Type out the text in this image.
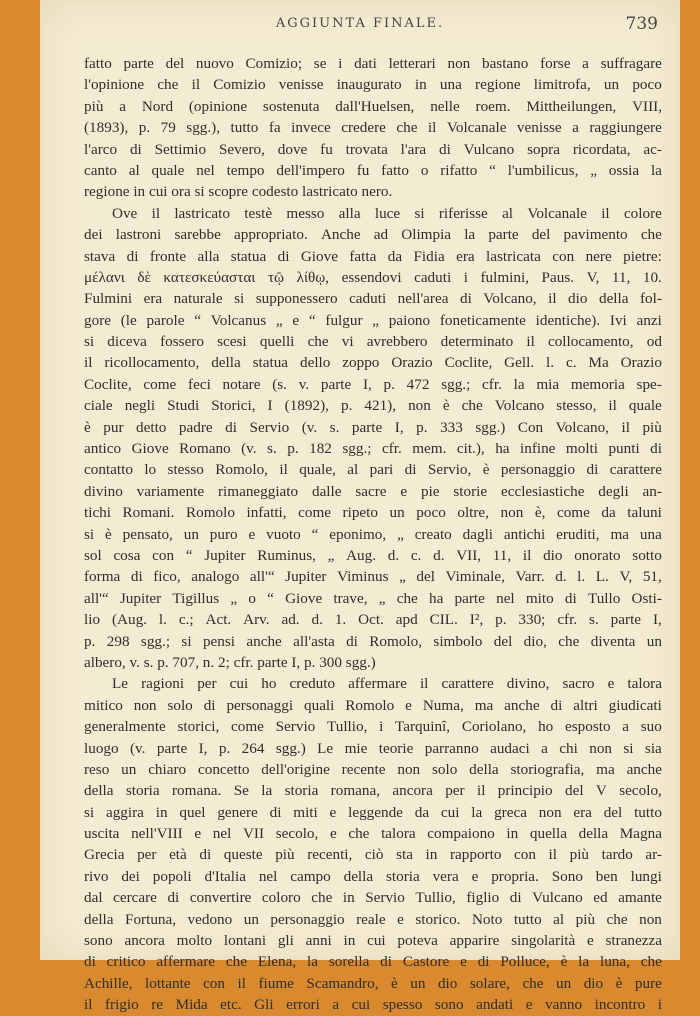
AGGIUNTA FINALE.	739
fatto parte del nuovo Comizio; se i dati letterari non bastano forse a suffragare
l'opinione che il Comizio venisse inaugurato in una regione limitrofa, un poco
più a Nord (opinione sostenuta dall'Huelsen, nelle roem. Mittheilungen, VIII,
(1893), p. 79 sgg.), tutto fa invece credere che il Volcanale venisse a raggiungere
l'arco di Settimio Severo, dove fu trovata l'ara di Vulcano sopra ricordata, ac-
canto al quale nel tempo dell'impero fu fatto o rifatto “ l'umbilicus, „ ossia la
regione in cui ora si scopre codesto lastricato nero.
Ove il lastricato testè messo alla luce si riferisse al Volcanale il colore
dei lastroni sarebbe appropriato. Anche ad Olimpia la parte del pavimento che
stava di fronte alla statua di Giove fatta da Fidia era lastricata con nere pietre:
μέλανι δὲ κατεσκεύασται τῷ λίθῳ, essendovi caduti i fulmini, Paus. V, 11, 10.
Fulmini era naturale si supponessero caduti nell'area di Volcano, il dio della fol-
gore (le parole “ Volcanus „ e “ fulgur „ paiono foneticamente identiche). Ivi anzi
si diceva fossero scesi quelli che vi avrebbero determinato il collocamento, od
il ricollocamento, della statua dello zoppo Orazio Coclite, Gell. l. c. Ma Orazio
Coclite, come feci notare (s. v. parte I, p. 472 sgg.; cfr. la mia memoria spe-
ciale negli Studi Storici, I (1892), p. 421), non è che Volcano stesso, il quale
è pur detto padre di Servio (v. s. parte I, p. 333 sgg.) Con Volcano, il più
antico Giove Romano (v. s. p. 182 sgg.; cfr. mem. cit.), ha infine molti punti di
contatto lo stesso Romolo, il quale, al pari di Servio, è personaggio di carattere
divino variamente rimaneggiato dalle sacre e pie storie ecclesiastiche degli an-
tichi Romani. Romolo infatti, come ripeto un poco oltre, non è, come da taluni
si è pensato, un puro e vuoto “ eponimo, „ creato dagli antichi eruditi, ma una
sol cosa con “ Jupiter Ruminus, „ Aug. d. c. d. VII, 11, il dio onorato sotto
forma di fico, analogo all'“ Jupiter Viminus „ del Viminale, Varr. d. l. L. V, 51,
all'“ Jupiter Tigillus „ o “ Giove trave, „ che ha parte nel mito di Tullo Osti-
lio (Aug. l. c.; Act. Arv. ad. d. 1. Oct. apd CIL. I², p. 330; cfr. s. parte I,
p. 298 sgg.; si pensi anche all'asta di Romolo, simbolo del dio, che diventa un
albero, v. s. p. 707, n. 2; cfr. parte I, p. 300 sgg.)
Le ragioni per cui ho creduto affermare il carattere divino, sacro e talora
mitico non solo di personaggi quali Romolo e Numa, ma anche di altri giudicati
generalmente storici, come Servio Tullio, i Tarquinî, Coriolano, ho esposto a suo
luogo (v. parte I, p. 264 sgg.) Le mie teorie parranno audaci a chi non si sia
reso un chiaro concetto dell'origine recente non solo della storiografia, ma anche
della storia romana. Se la storia romana, ancora per il principio del V secolo,
si aggira in quel genere di miti e leggende da cui la greca non era del tutto
uscita nell'VIII e nel VII secolo, e che talora compaiono in quella della Magna
Grecia per età di queste più recenti, ciò sta in rapporto con il più tardo ar-
rivo dei popoli d'Italia nel campo della storia vera e propria. Sono ben lungi
dal cercare di convertire coloro che in Servio Tullio, figlio di Vulcano ed amante
della Fortuna, vedono un personaggio reale e storico. Noto tutto al più che non
sono ancora molto lontani gli anni in cui poteva apparire singolarità e stranezza
di critico affermare che Elena, la sorella di Castore e di Polluce, è la luna, che
Achille, lottante con il fiume Scamandro, è un dio solare, che un dio è pure
il frigio re Mida etc. Gli errori a cui spesso sono andati e vanno incontro i
